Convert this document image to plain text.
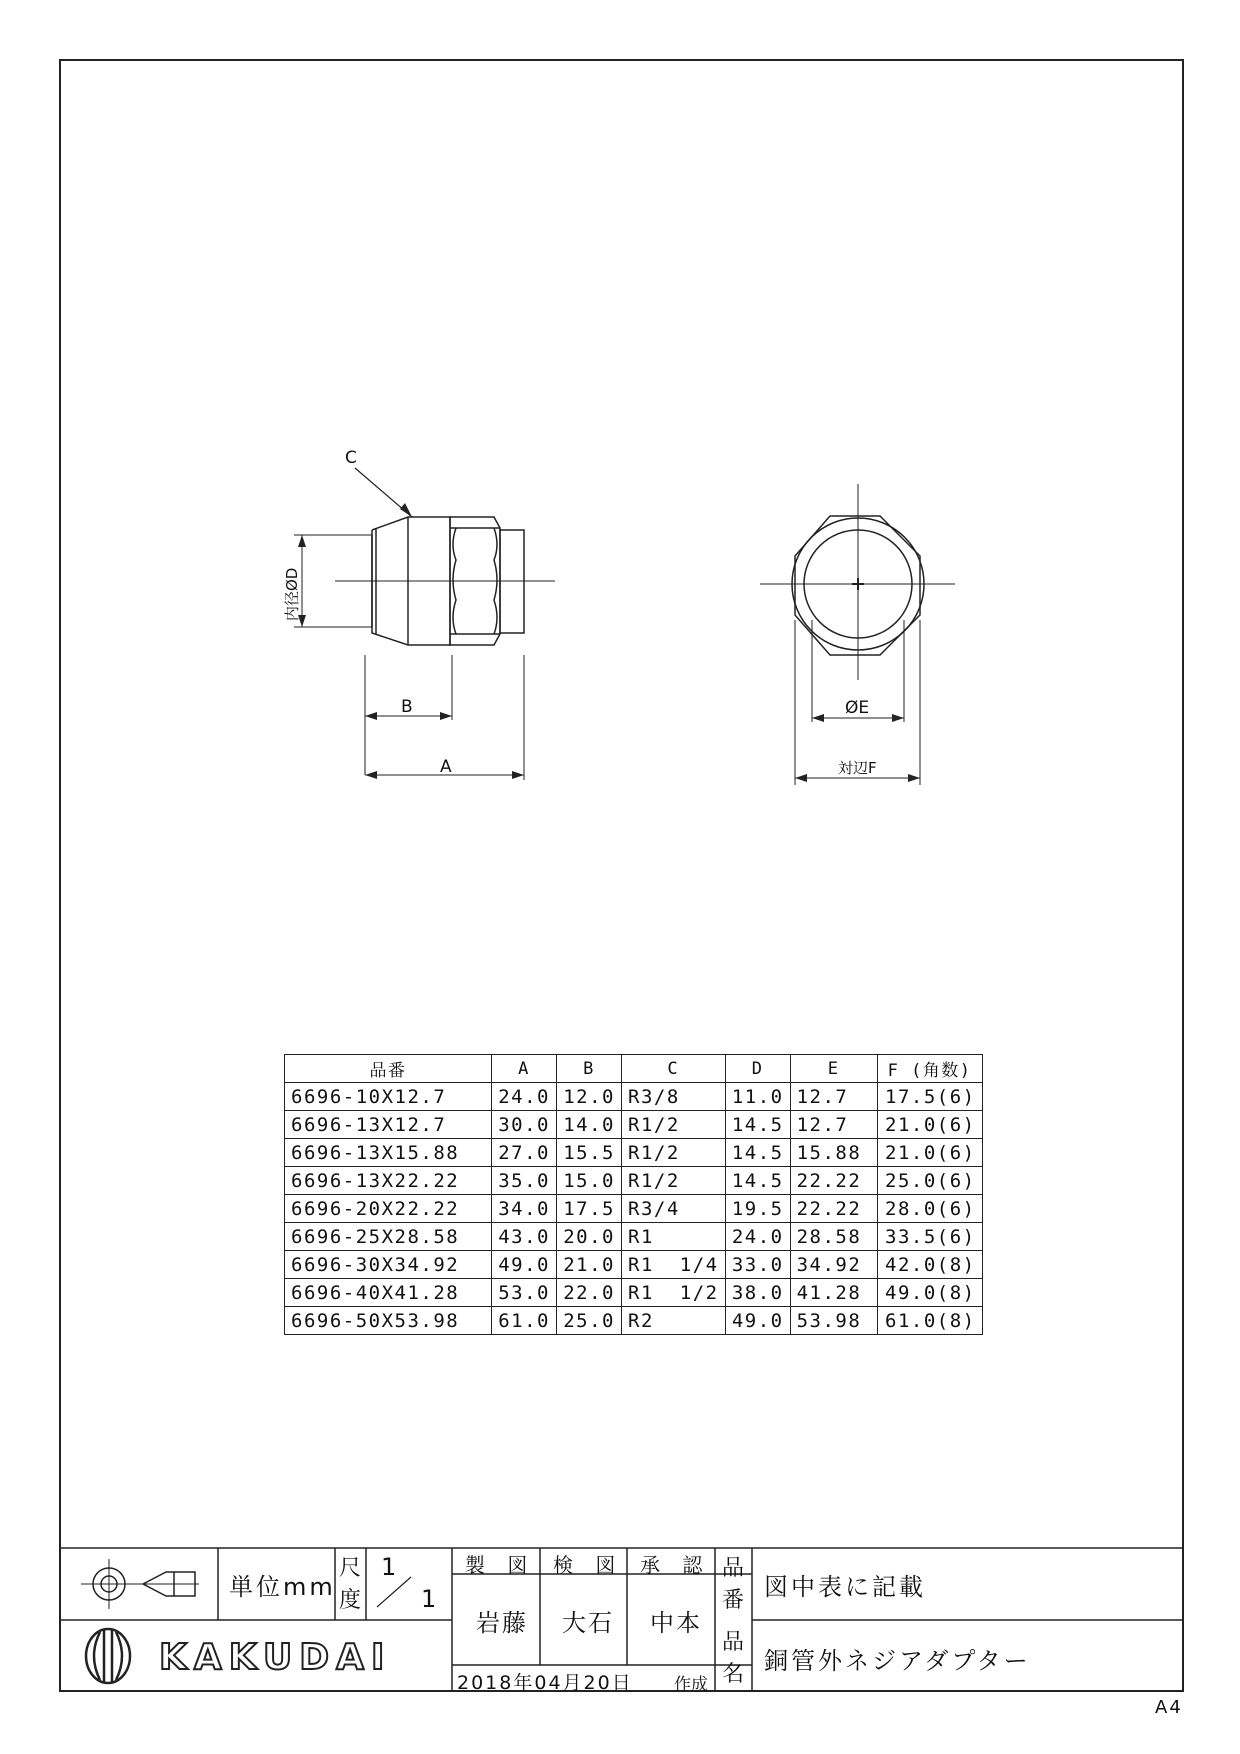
C
内径ØD
B
A
ØE
対辺F
品番	A	B	C	D	E	F (角数)
6696-10X12.7	24.0	12.0	R3/8	11.0	12.7	17.5(6)
6696-13X12.7	30.0	14.0	R1/2	14.5	12.7	21.0(6)
6696-13X15.88	27.0	15.5	R1/2	14.5	15.88	21.0(6)
6696-13X22.22	35.0	15.0	R1/2	14.5	22.22	25.0(6)
6696-20X22.22	34.0	17.5	R3/4	19.5	22.22	28.0(6)
6696-25X28.58	43.0	20.0	R1	24.0	28.58	33.5(6)
6696-30X34.92	49.0	21.0	R1  1/4	33.0	34.92	42.0(8)
6696-40X41.28	53.0	22.0	R1  1/2	38.0	41.28	49.0(8)
6696-50X53.98	61.0	25.0	R2	49.0	53.98	61.0(8)
KAKUDAI
単位mm
尺
度
1
1
製 図 検 図 承 認
岩藤 大石 中本
2018年04月20日 作成
品
番 図中表に記載
品
名 銅管外ネジアダプター
A4
